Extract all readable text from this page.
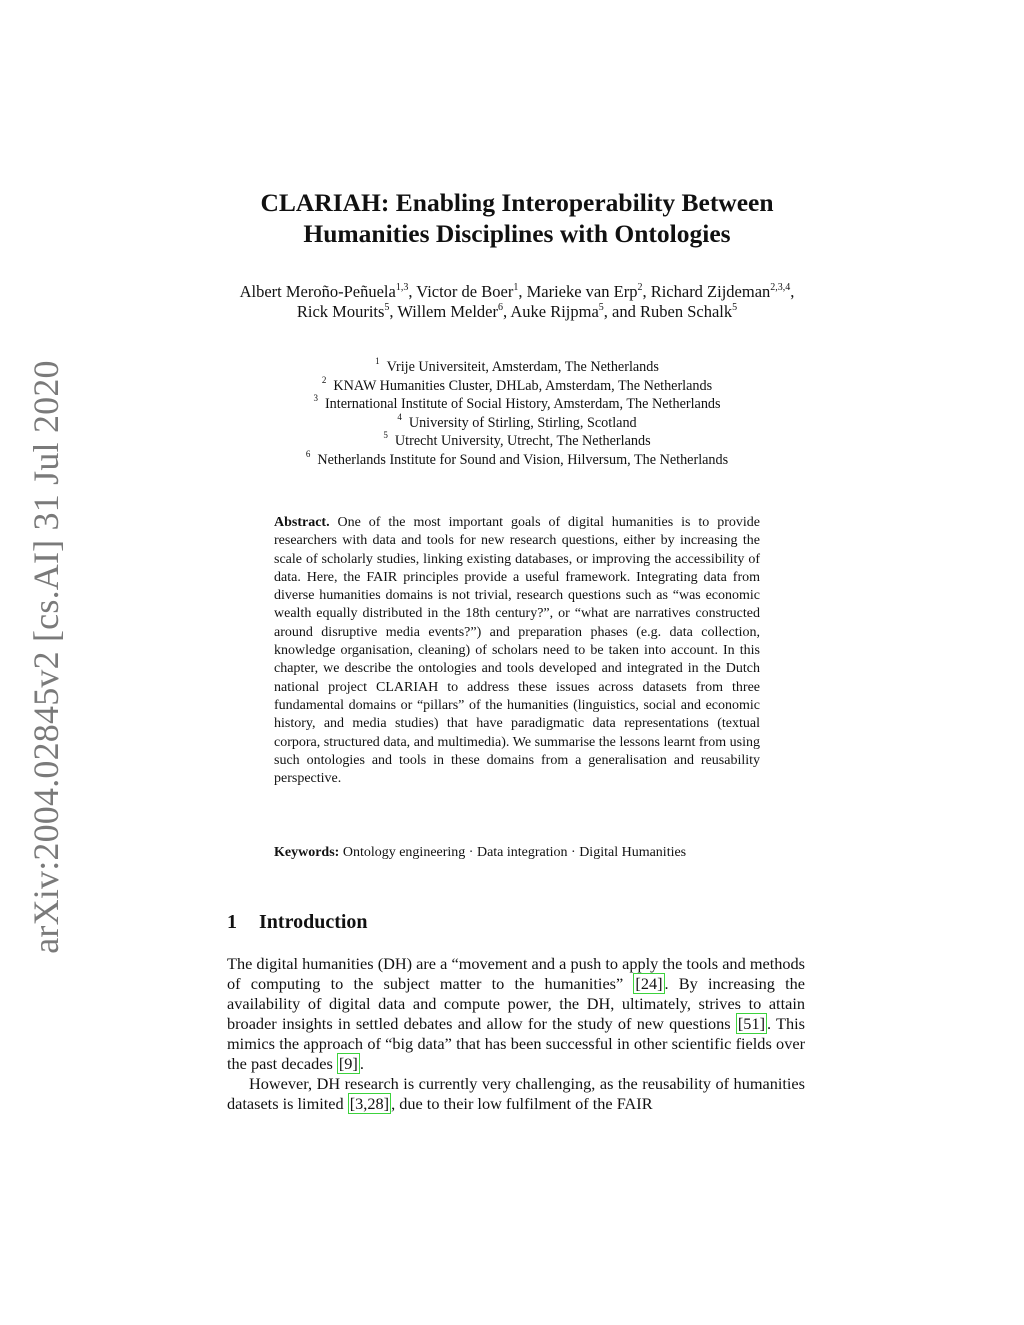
arXiv:2004.02845v2 [cs.AI] 31 Jul 2020
CLARIAH: Enabling Interoperability Between
Humanities Disciplines with Ontologies
Albert Meroño-Peñuela$^{1,3}$, Victor de Boer$^1$, Marieke van Erp$^2$, Richard Zijdeman$^{2,3,4}$, Rick Mourits$^5$, Willem Melder$^6$, Auke Rijpma$^5$, and Ruben Schalk$^5$
$^1$ Vrije Universiteit, Amsterdam, The Netherlands
$^2$ KNAW Humanities Cluster, DHLab, Amsterdam, The Netherlands
$^3$ International Institute of Social History, Amsterdam, The Netherlands
$^4$ University of Stirling, Stirling, Scotland
$^5$ Utrecht University, Utrecht, The Netherlands
$^6$ Netherlands Institute for Sound and Vision, Hilversum, The Netherlands
Abstract. One of the most important goals of digital humanities is to provide researchers with data and tools for new research questions, either by increasing the scale of scholarly studies, linking existing databases, or improving the accessibility of data. Here, the FAIR principles provide a useful framework. Integrating data from diverse humanities domains is not trivial, research questions such as “was economic wealth equally distributed in the 18th century?”, or “what are narratives constructed around disruptive media events?”) and preparation phases (e.g. data collection, knowledge organisation, cleaning) of scholars need to be taken into account. In this chapter, we describe the ontologies and tools developed and integrated in the Dutch national project CLARIAH to address these issues across datasets from three fundamental domains or “pillars” of the humanities (linguistics, social and economic history, and media studies) that have paradigmatic data representations (textual corpora, structured data, and multimedia). We summarise the lessons learnt from using such ontologies and tools in these domains from a generalisation and reusability perspective.
Keywords: Ontology engineering · Data integration · Digital Humanities
1 Introduction

The digital humanities (DH) are a “movement and a push to apply the tools and methods of computing to the subject matter to the humanities” [24] . By increasing the availability of digital data and compute power, the DH, ultimately, strives to attain broader insights in settled debates and allow for the study of new questions [51] . This mimics the approach of “big data” that has been successful in other scientific fields over the past decades [9] .

However, DH research is currently very challenging, as the reusability of humanities datasets is limited [3,28] , due to their low fulfilment of the FAIR
